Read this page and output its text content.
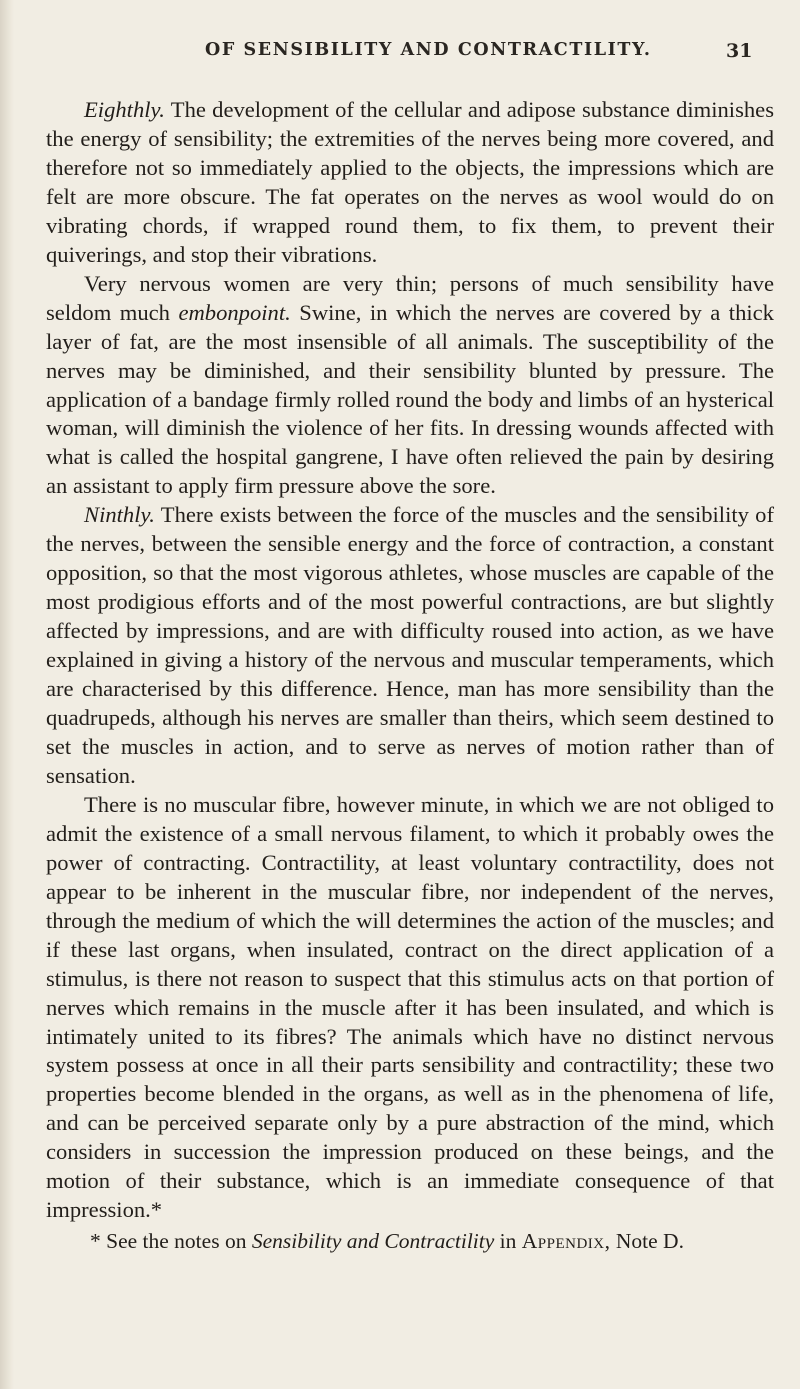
OF SENSIBILITY AND CONTRACTILITY.	31

Eighthly. The development of the cellular and adipose substance diminishes the energy of sensibility; the extremities of the nerves being more covered, and therefore not so immediately applied to the objects, the impressions which are felt are more obscure. The fat operates on the nerves as wool would do on vibrating chords, if wrapped round them, to fix them, to prevent their quiverings, and stop their vibrations.

Very nervous women are very thin; persons of much sensibility have seldom much embonpoint. Swine, in which the nerves are covered by a thick layer of fat, are the most insensible of all animals. The susceptibility of the nerves may be diminished, and their sensibility blunted by pressure. The application of a bandage firmly rolled round the body and limbs of an hysterical woman, will diminish the violence of her fits. In dressing wounds affected with what is called the hospital gangrene, I have often relieved the pain by desiring an assistant to apply firm pressure above the sore.

Ninthly. There exists between the force of the muscles and the sensibility of the nerves, between the sensible energy and the force of contraction, a constant opposition, so that the most vigorous athletes, whose muscles are capable of the most prodigious efforts and of the most powerful contractions, are but slightly affected by impressions, and are with difficulty roused into action, as we have explained in giving a history of the nervous and muscular temperaments, which are characterised by this difference. Hence, man has more sensibility than the quadrupeds, although his nerves are smaller than theirs, which seem destined to set the muscles in action, and to serve as nerves of motion rather than of sensation.

There is no muscular fibre, however minute, in which we are not obliged to admit the existence of a small nervous filament, to which it probably owes the power of contracting. Contractility, at least voluntary contractility, does not appear to be inherent in the muscular fibre, nor independent of the nerves, through the medium of which the will determines the action of the muscles; and if these last organs, when insulated, contract on the direct application of a stimulus, is there not reason to suspect that this stimulus acts on that portion of nerves which remains in the muscle after it has been insulated, and which is intimately united to its fibres? The animals which have no distinct nervous system possess at once in all their parts sensibility and contractility; these two properties become blended in the organs, as well as in the phenomena of life, and can be perceived separate only by a pure abstraction of the mind, which considers in succession the impression produced on these beings, and the motion of their substance, which is an immediate consequence of that impression.*

* See the notes on Sensibility and Contractility in Appendix, Note D.
